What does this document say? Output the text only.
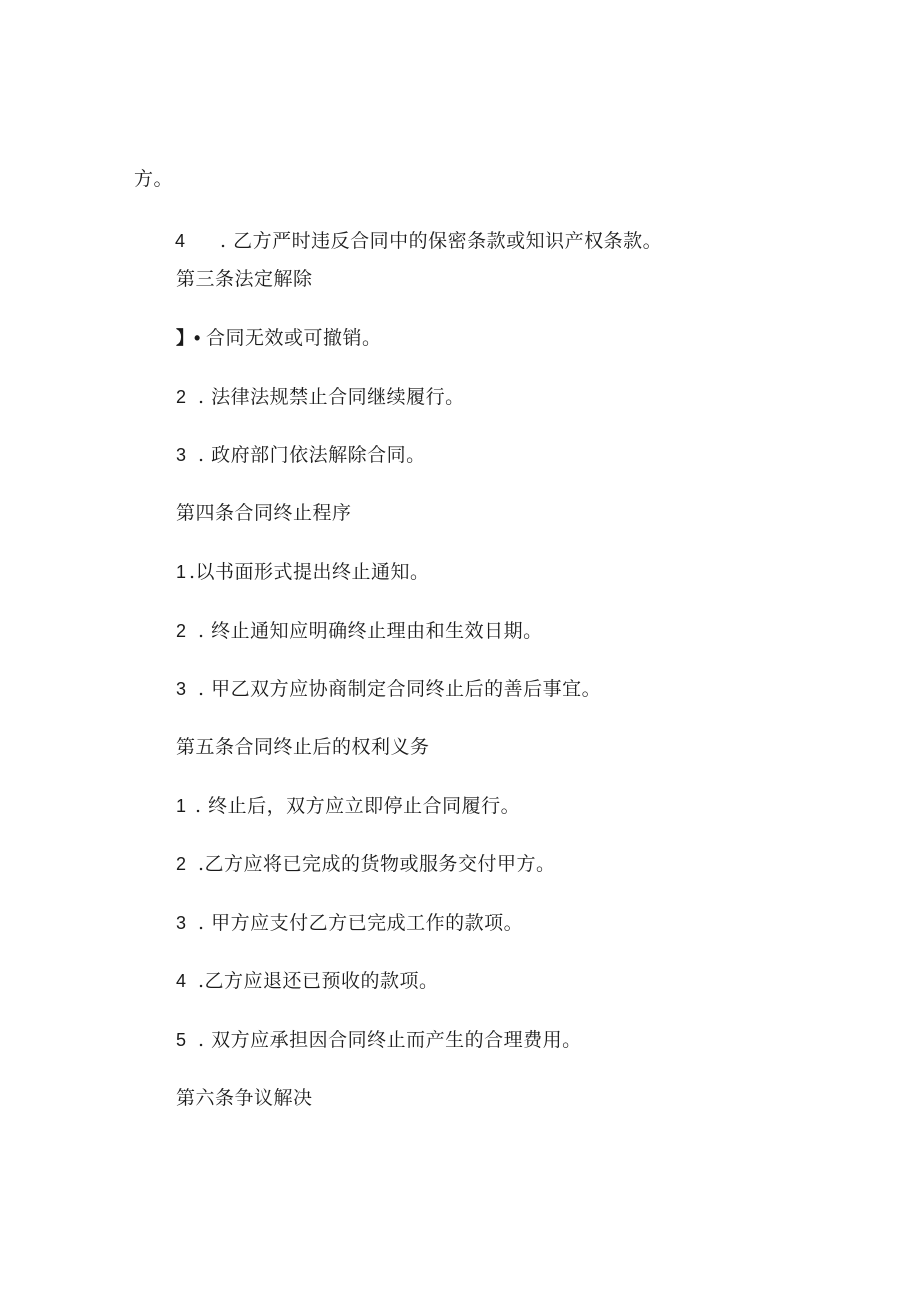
方。
4 . 乙方严时违反合同中的保密条款或知识产权条款。
第三条法定解除
】• 合同无效或可撤销。
2 . 法律法规禁止合同继续履行。
3 . 政府部门依法解除合同。
第四条合同终止程序
1 .以书面形式提出终止通知。
2 . 终止通知应明确终止理由和生效日期。
3 . 甲乙双方应协商制定合同终止后的善后事宜。
第五条合同终止后的权利义务
1 . 终止后，双方应立即停止合同履行。
2 .乙方应将已完成的货物或服务交付甲方。
3 . 甲方应支付乙方已完成工作的款项。
4 .乙方应退还已预收的款项。
5 . 双方应承担因合同终止而产生的合理费用。
第六条争议解决
